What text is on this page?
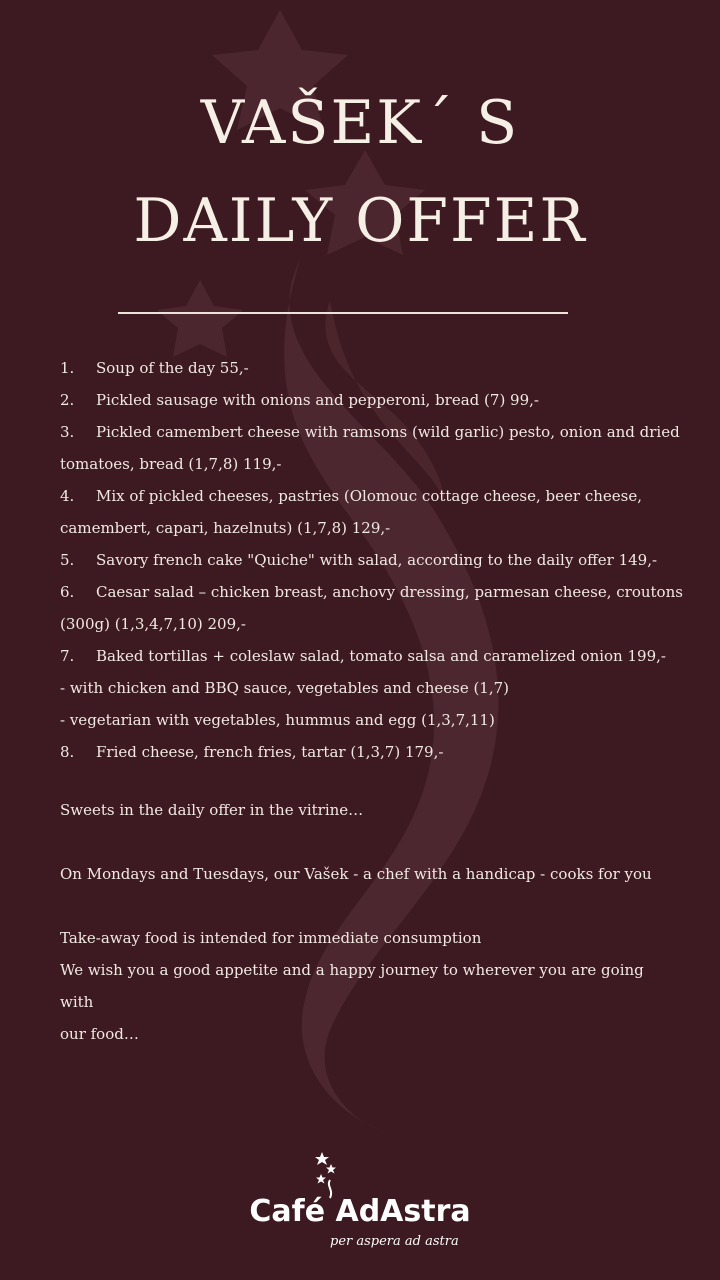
VAŠEK´ S
DAILY OFFER
1. Soup of the day 55,-
2. Pickled sausage with onions and pepperoni, bread (7) 99,-
3. Pickled camembert cheese with ramsons (wild garlic) pesto, onion and dried
tomatoes, bread (1,7,8) 119,-
4. Mix of pickled cheeses, pastries (Olomouc cottage cheese, beer cheese,
camembert, capari, hazelnuts) (1,7,8) 129,-
5. Savory french cake "Quiche" with salad, according to the daily offer 149,-
6. Caesar salad – chicken breast, anchovy dressing, parmesan cheese, croutons
(300g) (1,3,4,7,10) 209,-
7. Baked tortillas + coleslaw salad, tomato salsa and caramelized onion 199,-
- with chicken and BBQ sauce, vegetables and cheese (1,7)
- vegetarian with vegetables, hummus and egg (1,3,7,11)
8. Fried cheese, french fries, tartar (1,3,7) 179,-
Sweets in the daily offer in the vitrine…
On Mondays and Tuesdays, our Vašek - a chef with a handicap - cooks for you
Take-away food is intended for immediate consumption
We wish you a good appetite and a happy journey to wherever you are going with
our food…
Café AdAstra
per aspera ad astra
